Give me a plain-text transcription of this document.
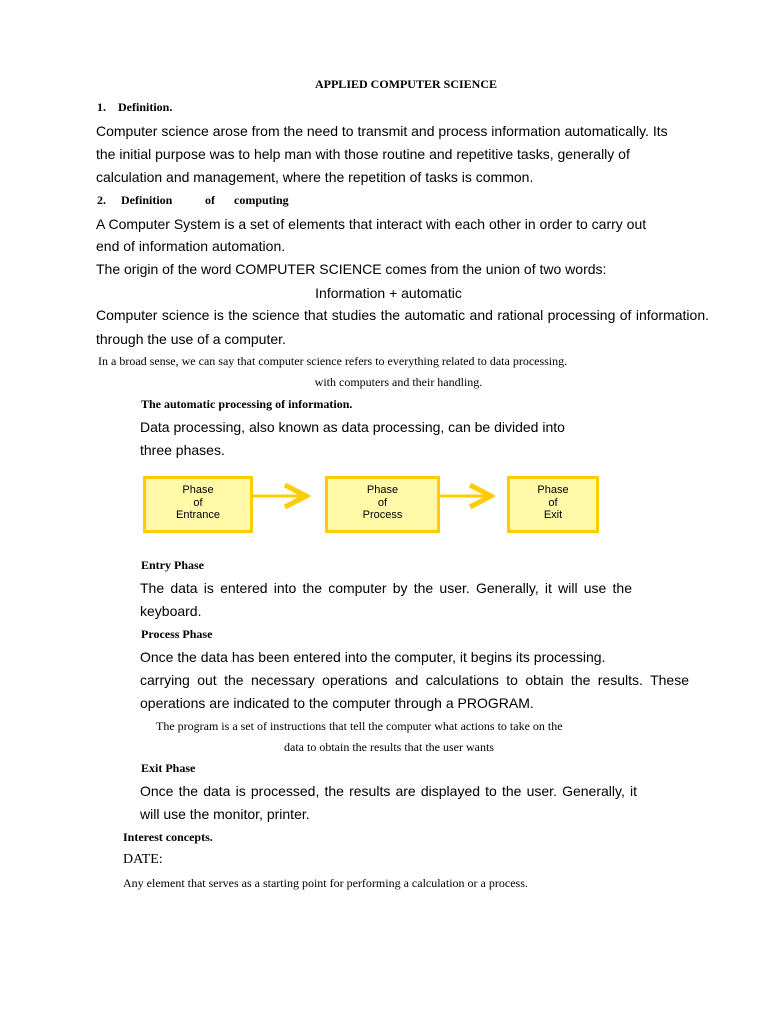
APPLIED COMPUTER SCIENCE
1.    Definition.
Computer science arose from the need to transmit and process information automatically. Its
the initial purpose was to help man with those routine and repetitive tasks, generally of
calculation and management, where the repetition of tasks is common.
2. Definition	of computing
A Computer System is a set of elements that interact with each other in order to carry out
end of information automation.
The origin of the word COMPUTER SCIENCE comes from the union of two words:
Information + automatic
Computer science is the science that studies the automatic and rational processing of information.
through the use of a computer.
In a broad sense, we can say that computer science refers to everything related to data processing.
with computers and their handling.
The automatic processing of information.
Data processing, also known as data processing, can be divided into
three phases.
Phase
of
Entrance
Phase
of
Process
Phase
of
Exit
Entry Phase
The data is entered into the computer by the user. Generally, it will use the
keyboard.
Process Phase
Once the data has been entered into the computer, it begins its processing.
carrying out the necessary operations and calculations to obtain the results. These
operations are indicated to the computer through a PROGRAM.
The program is a set of instructions that tell the computer what actions to take on the
data to obtain the results that the user wants
Exit Phase
Once the data is processed, the results are displayed to the user. Generally, it
will use the monitor, printer.
Interest concepts.
DATE:
Any element that serves as a starting point for performing a calculation or a process.
